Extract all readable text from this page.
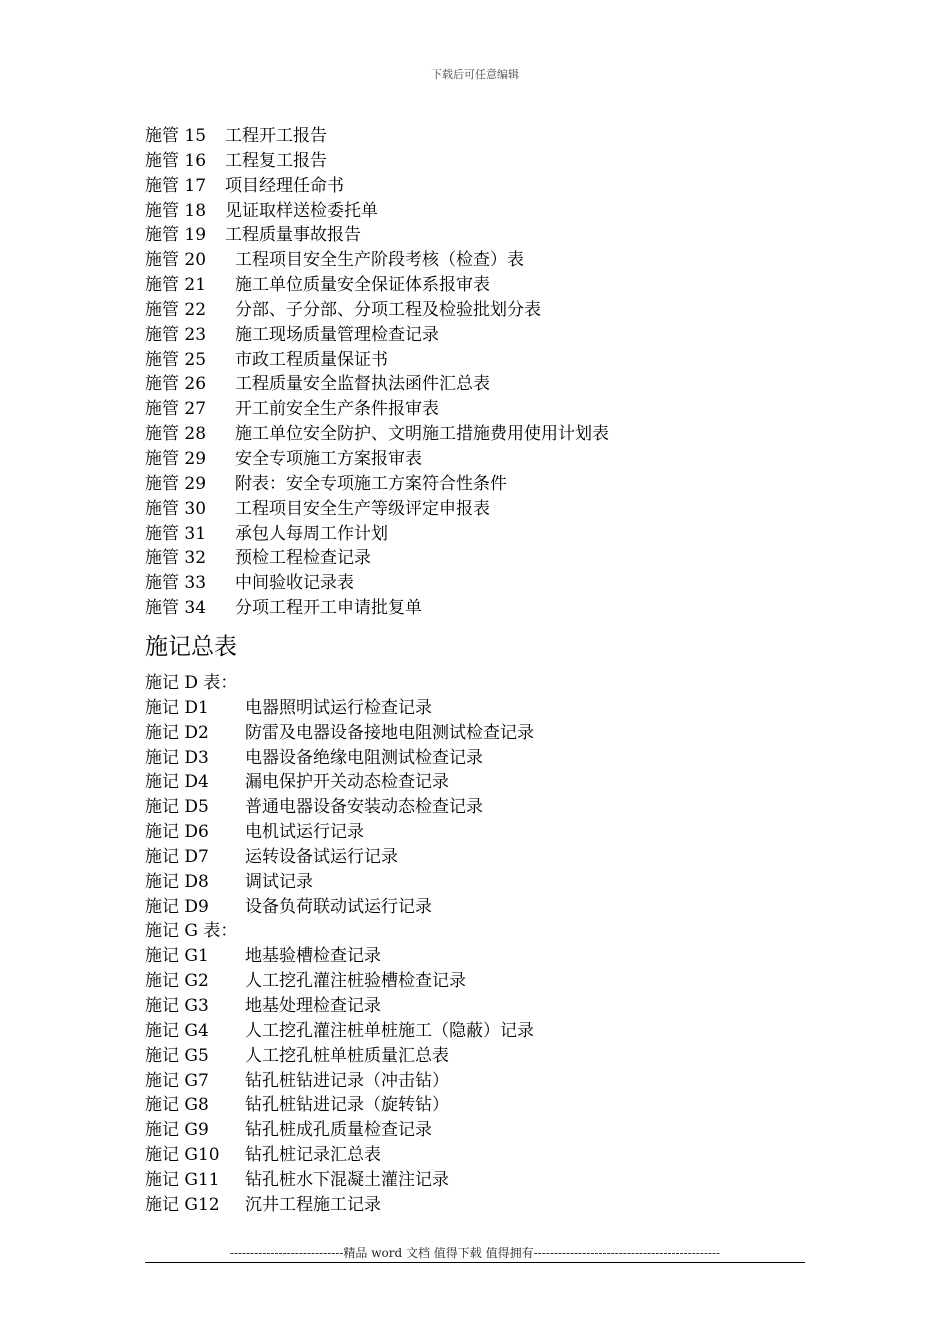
下载后可任意编辑
施管 15	工程开工报告
施管 16	工程复工报告
施管 17	项目经理任命书
施管 18	见证取样送检委托单
施管 19	工程质量事故报告
施管 20	工程项目安全生产阶段考核（检查）表
施管 21	施工单位质量安全保证体系报审表
施管 22	分部、子分部、分项工程及检验批划分表
施管 23	施工现场质量管理检查记录
施管 25	市政工程质量保证书
施管 26	工程质量安全监督执法函件汇总表
施管 27	开工前安全生产条件报审表
施管 28	施工单位安全防护、文明施工措施费用使用计划表
施管 29	安全专项施工方案报审表
施管 29	附表：安全专项施工方案符合性条件
施管 30	工程项目安全生产等级评定申报表
施管 31	承包人每周工作计划
施管 32	预检工程检查记录
施管 33	中间验收记录表
施管 34	分项工程开工申请批复单
施记总表
施记 D 表：
施记 D1	电器照明试运行检查记录
施记 D2	防雷及电器设备接地电阻测试检查记录
施记 D3	电器设备绝缘电阻测试检查记录
施记 D4	漏电保护开关动态检查记录
施记 D5	普通电器设备安装动态检查记录
施记 D6	电机试运行记录
施记 D7	运转设备试运行记录
施记 D8	调试记录
施记 D9	设备负荷联动试运行记录
施记 G 表：
施记 G1	地基验槽检查记录
施记 G2	人工挖孔灌注桩验槽检查记录
施记 G3	地基处理检查记录
施记 G4	人工挖孔灌注桩单桩施工（隐蔽）记录
施记 G5	人工挖孔桩单桩质量汇总表
施记 G7	钻孔桩钻进记录（冲击钻）
施记 G8	钻孔桩钻进记录（旋转钻）
施记 G9	钻孔桩成孔质量检查记录
施记 G10	钻孔桩记录汇总表
施记 G11	钻孔桩水下混凝土灌注记录
施记 G12	沉井工程施工记录
----------------------------精品 word 文档 值得下载 值得拥有----------------------------------------------
